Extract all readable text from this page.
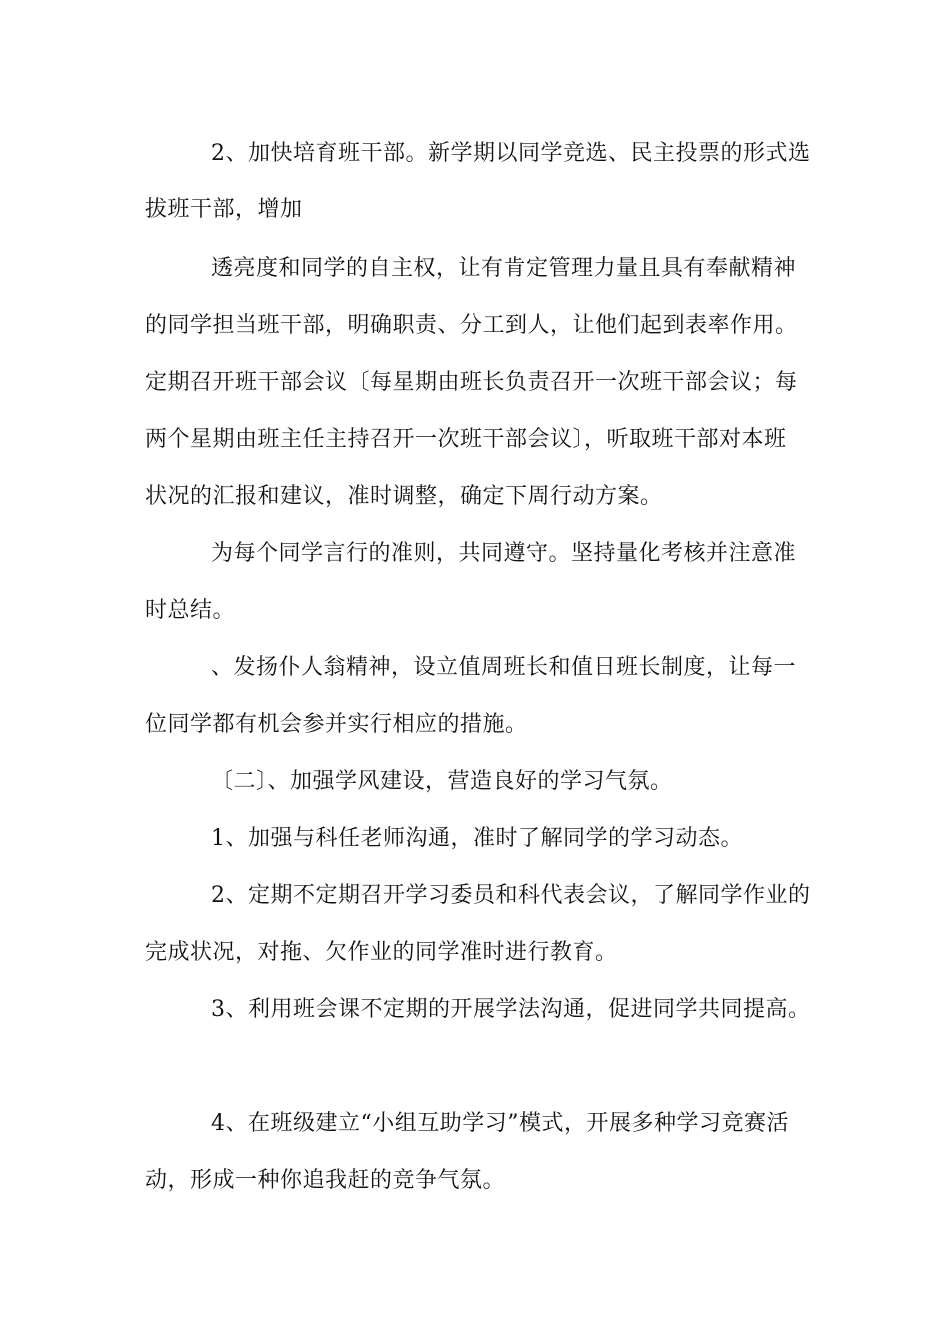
2、加快培育班干部。新学期以同学竞选、民主投票的形式选
拔班干部，增加
透亮度和同学的自主权，让有肯定管理力量且具有奉献精神
的同学担当班干部，明确职责、分工到人，让他们起到表率作用。
定期召开班干部会议〔每星期由班长负责召开一次班干部会议；每
两个星期由班主任主持召开一次班干部会议〕，听取班干部对本班
状况的汇报和建议，准时调整，确定下周行动方案。
为每个同学言行的准则，共同遵守。坚持量化考核并注意准
时总结。
、发扬仆人翁精神，设立值周班长和值日班长制度，让每一
位同学都有机会参并实行相应的措施。
〔二〕、加强学风建设，营造良好的学习气氛。
1、加强与科任老师沟通，准时了解同学的学习动态。
2、定期不定期召开学习委员和科代表会议，了解同学作业的
完成状况，对拖、欠作业的同学准时进行教育。
3、利用班会课不定期的开展学法沟通，促进同学共同提高。
4、在班级建立“小组互助学习”模式，开展多种学习竞赛活
动，形成一种你追我赶的竞争气氛。
